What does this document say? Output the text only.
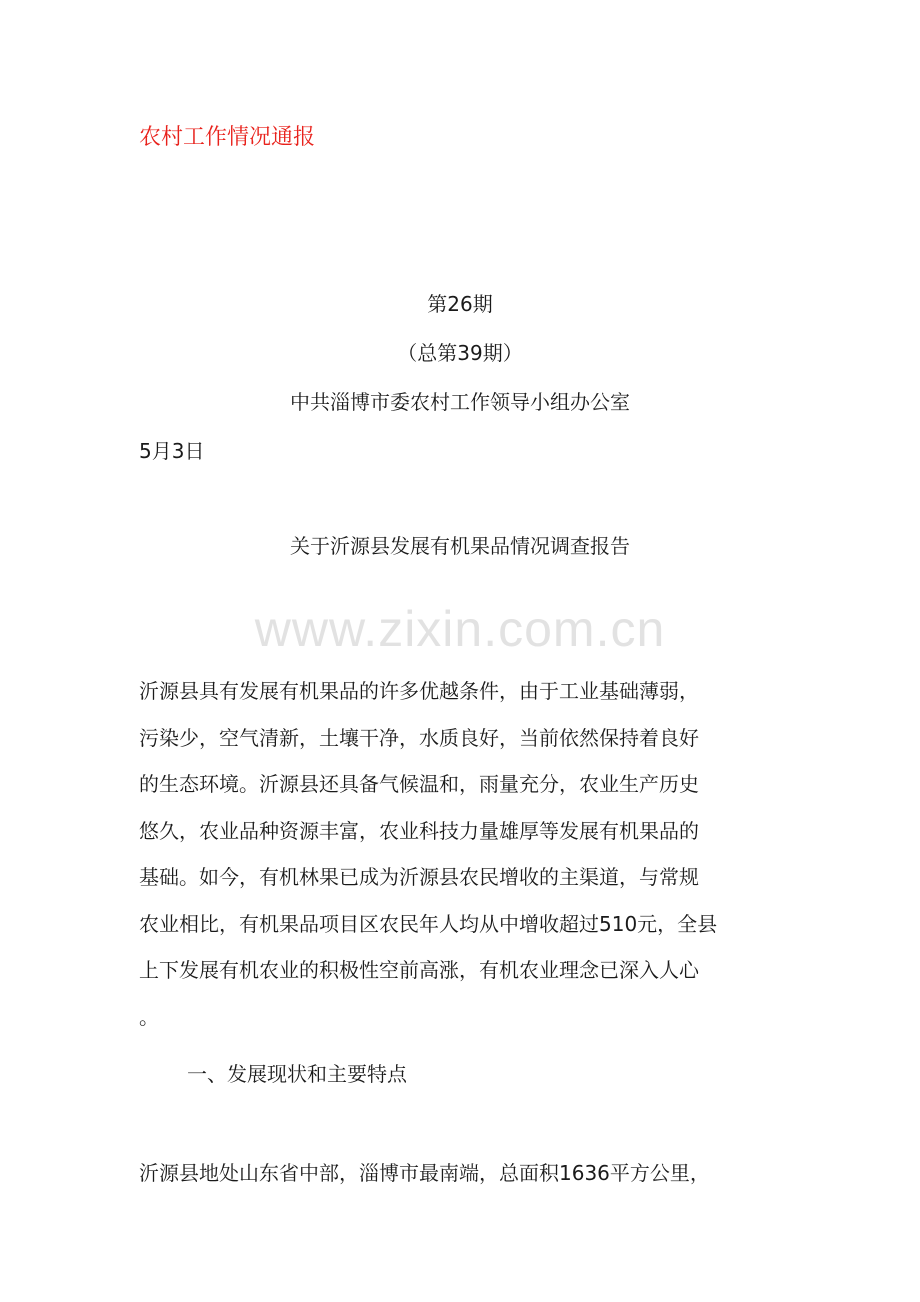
农村工作情况通报
第26期
（总第39期）
中共淄博市委农村工作领导小组办公室
5月3日
关于沂源县发展有机果品情况调查报告
www.zixin.com.cn
沂源县具有发展有机果品的许多优越条件，由于工业基础薄弱，
污染少，空气清新，土壤干净，水质良好，当前依然保持着良好
的生态环境。沂源县还具备气候温和，雨量充分，农业生产历史
悠久，农业品种资源丰富，农业科技力量雄厚等发展有机果品的
基础。如今，有机林果已成为沂源县农民增收的主渠道，与常规
农业相比，有机果品项目区农民年人均从中增收超过510元，全县
上下发展有机农业的积极性空前高涨，有机农业理念已深入人心
。
一、发展现状和主要特点
沂源县地处山东省中部，淄博市最南端，总面积1636平方公里，
